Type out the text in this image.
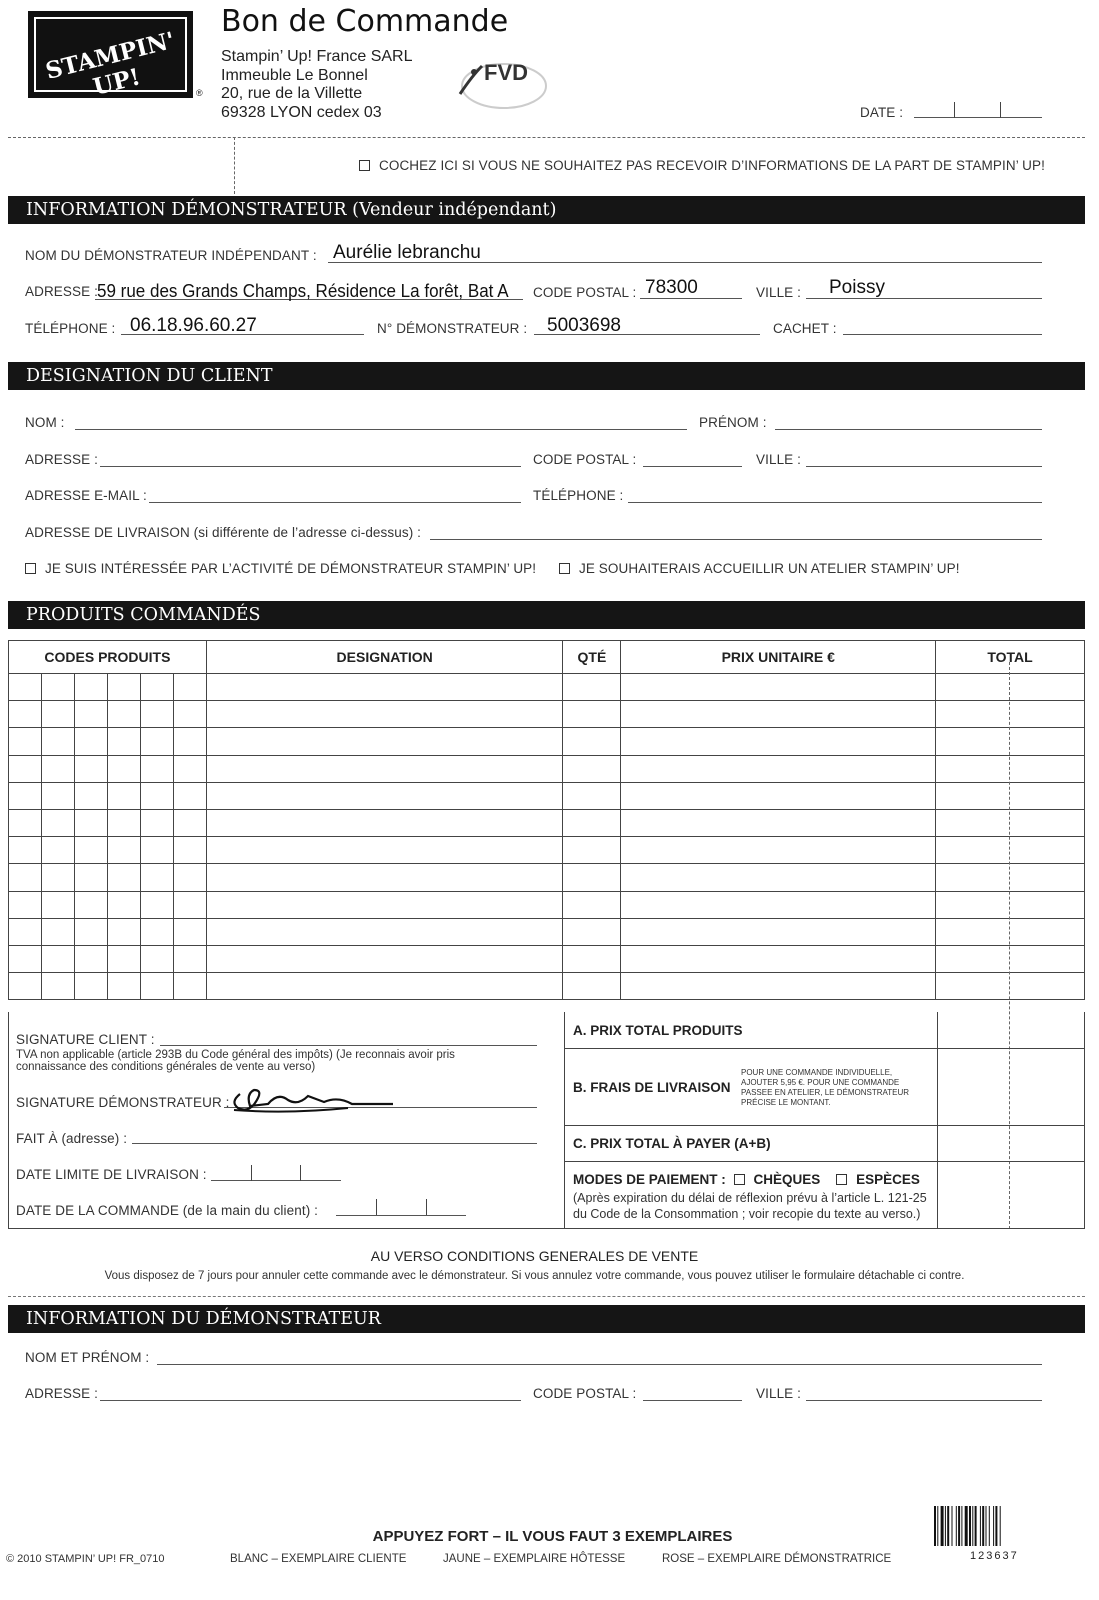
STAMPIN' UP!	®
Bon de Commande
Stampin’ Up! France SARL
Immeuble Le Bonnel
20, rue de la Villette
69328 LYON cedex 03
FVD
DATE :
COCHEZ ICI SI VOUS NE SOUHAITEZ PAS RECEVOIR D’INFORMATIONS DE LA PART DE STAMPIN’ UP!
INFORMATION DÉMONSTRATEUR (Vendeur indépendant)
NOM DU DÉMONSTRATEUR INDÉPENDANT : Aurélie lebranchu
ADRESSE : 59 rue des Grands Champs, Résidence La forêt, Bat A CODE POSTAL : 78300	VILLE : Poissy
TÉLÉPHONE : 06.18.96.60.27	N° DÉMONSTRATEUR : 5003698	CACHET :
DESIGNATION DU CLIENT
NOM :	PRÉNOM :
ADRESSE :	CODE POSTAL :	VILLE :
ADRESSE E-MAIL :	TÉLÉPHONE :
ADRESSE DE LIVRAISON (si différente de l’adresse ci-dessus) :
JE SUIS INTÉRESSÉE PAR L’ACTIVITÉ DE DÉMONSTRATEUR STAMPIN’ UP!	JE SOUHAITERAIS ACCUEILLIR UN ATELIER STAMPIN’ UP!
PRODUITS COMMANDÉS
CODES PRODUITS						DESIGNATION	QTÉ	PRIX UNITAIRE €	TOTAL

SIGNATURE CLIENT :
TVA non applicable (article 293B du Code général des impôts) (Je reconnais avoir pris connaissance des conditions générales de vente au verso)
SIGNATURE DÉMONSTRATEUR :
FAIT À (adresse) :
DATE LIMITE DE LIVRAISON :
DATE DE LA COMMANDE (de la main du client) :
A. PRIX TOTAL PRODUITS
B. FRAIS DE LIVRAISON
POUR UNE COMMANDE INDIVIDUELLE, AJOUTER 5,95 €. POUR UNE COMMANDE PASSEE EN ATELIER, LE DÉMONSTRATEUR PRÉCISE LE MONTANT.
C. PRIX TOTAL À PAYER (A+B)
MODES DE PAIEMENT : CHÈQUES	ESPÈCES
(Après expiration du délai de réflexion prévu à l’article L. 121-25 du Code de la Consommation ; voir recopie du texte au verso.)
AU VERSO CONDITIONS GENERALES DE VENTE
Vous disposez de 7 jours pour annuler cette commande avec le démonstrateur. Si vous annulez votre commande, vous pouvez utiliser le formulaire détachable ci contre.
INFORMATION DU DÉMONSTRATEUR
NOM ET PRÉNOM :
ADRESSE :	CODE POSTAL :	VILLE :
APPUYEZ FORT – IL VOUS FAUT 3 EXEMPLAIRES
© 2010 STAMPIN’ UP! FR_0710	BLANC – EXEMPLAIRE CLIENTE	JAUNE – EXEMPLAIRE HÔTESSE	ROSE – EXEMPLAIRE DÉMONSTRATRICE	123637
